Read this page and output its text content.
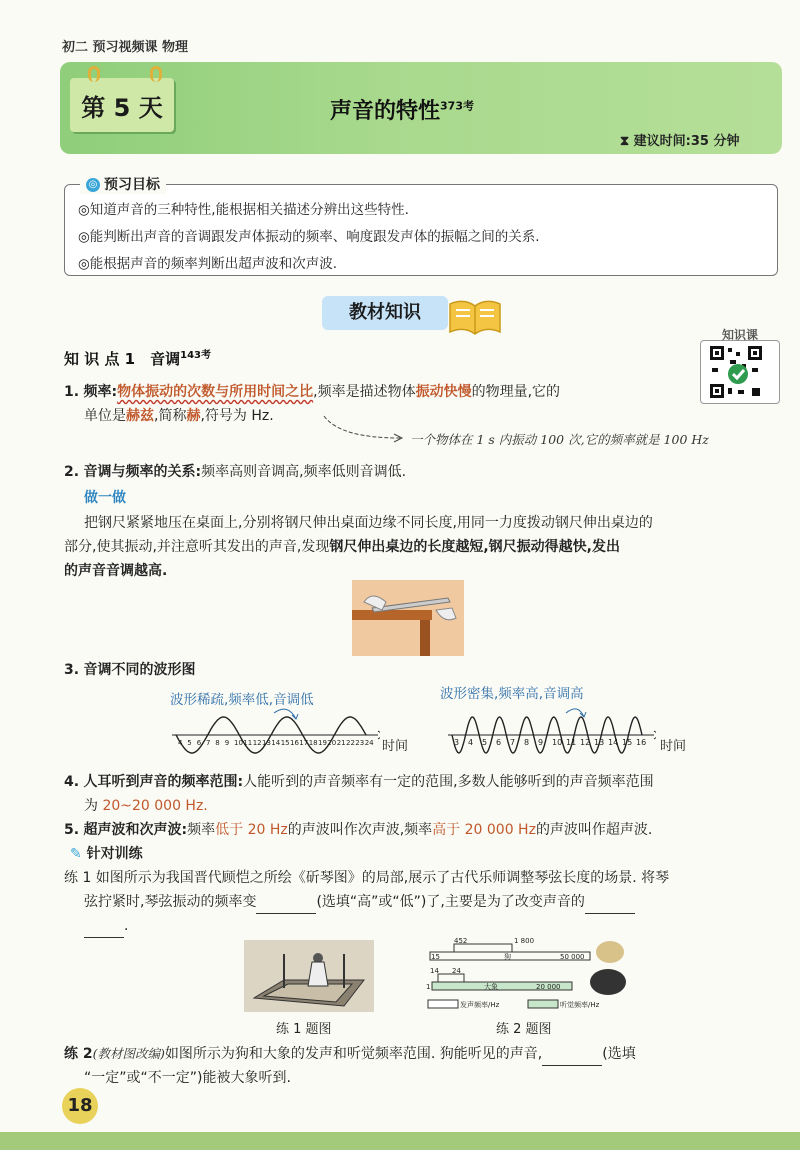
初二 预习视频课 物理
第 5 天	声音的特性$^{373考}$
⧗ 建议时间:35 分钟
◎ 预习目标
◎知道声音的三种特性,能根据相关描述分辨出这些特性.
◎能判断出声音的音调跟发声体振动的频率、响度跟发声体的振幅之间的关系.
◎能根据声音的频率判断出超声波和次声波.
教材知识
知 识 点 1　音调$^{143考}$
知识课
1. 频率:物体振动的次数与所用时间之比,频率是描述物体振动快慢的物理量,它的
单位是赫兹,简称赫,符号为 Hz.
一个物体在 1 s 内振动 100 次,它的频率就是 100 Hz
2. 音调与频率的关系:频率高则音调高,频率低则音调低.
做一做
把钢尺紧紧地压在桌面上,分别将钢尺伸出桌面边缘不同长度,用同一力度拨动钢尺伸出桌边的
部分,使其振动,并注意听其发出的声音,发现钢尺伸出桌边的长度越短,钢尺振动得越快,发出
的声音音调越高.
3. 音调不同的波形图
波形稀疏,频率低,音调低	波形密集,频率高,音调高
4 5 6 7 8 9 10 11 12 13 14 15 16 17 18 19 20 21 22 23 24 时间	3 4 5 6 7 8 9 10 11 12 13 14 15 16 时间
4. 人耳听到声音的频率范围:人能听到的声音频率有一定的范围,多数人能够听到的声音频率范围
为 20~20 000 Hz.
5. 超声波和次声波:频率低于 20 Hz的声波叫作次声波,频率高于 20 000 Hz的声波叫作超声波.
✎ 针对训练
练 1 如图所示为我国晋代顾恺之所绘《斫琴图》的局部,展示了古代乐师调整琴弦长度的场景. 将琴
弦拧紧时,琴弦振动的频率变	(选填“高”或“低”)了,主要是为了改变声音的
.
练 1 题图
452	1 800
15	狗	50 000
14 24
1	大象	20 000
发声频率/Hz	听觉频率/Hz
练 2 题图
练 2(教材图改编)如图所示为狗和大象的发声和听觉频率范围. 狗能听见的声音,	(选填
“一定”或“不一定”)能被大象听到.
18
